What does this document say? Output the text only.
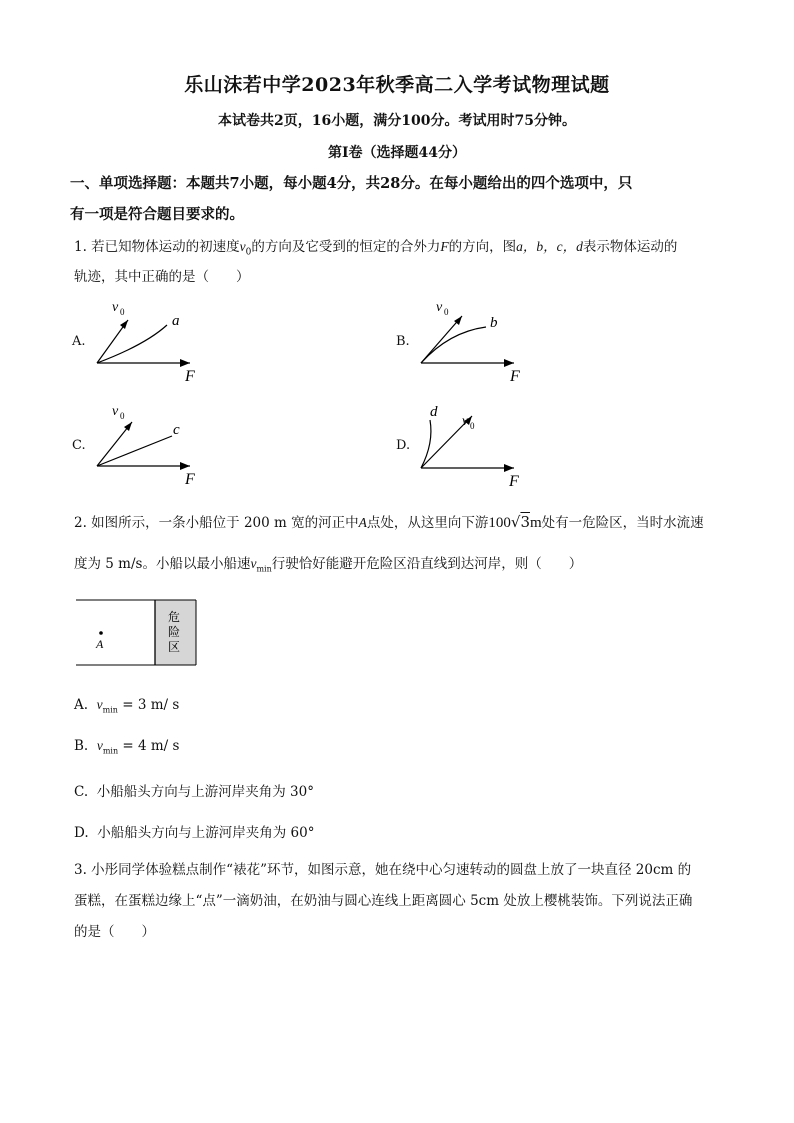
乐山沫若中学2023年秋季高二入学考试物理试题
本试卷共2页，16小题，满分100分。考试用时75分钟。
第I卷（选择题44分）
一、单项选择题：本题共7小题，每小题4分，共28分。在每小题给出的四个选项中，只
有一项是符合题目要求的。
1. 若已知物体运动的初速度$v_0$的方向及它受到的恒定的合外力F的方向，图a，b，c，d表示物体运动的
轨迹，其中正确的是（　　）
A.
v 0
a
F
B.
v 0
b
F
C.
v 0
c
F
D.
d
v 0
F
2. 如图所示，一条小船位于 200 m 宽的河正中A点处，从这里向下游100√3m处有一危险区，当时水流速
度为 5 m/s。小船以最小船速$v_{min}$行驶恰好能避开危险区沿直线到达河岸，则（　　）
危
险
区
A
A. $v_{min} = 3$ m/ s
B. $v_{min} = 4$ m/ s
C. 小船船头方向与上游河岸夹角为 30°
D. 小船船头方向与上游河岸夹角为 60°
3. 小彤同学体验糕点制作“裱花”环节，如图示意，她在绕中心匀速转动的圆盘上放了一块直径 20cm 的
蛋糕，在蛋糕边缘上“点”一滴奶油，在奶油与圆心连线上距离圆心 5cm 处放上樱桃装饰。下列说法正确
的是（　　）
